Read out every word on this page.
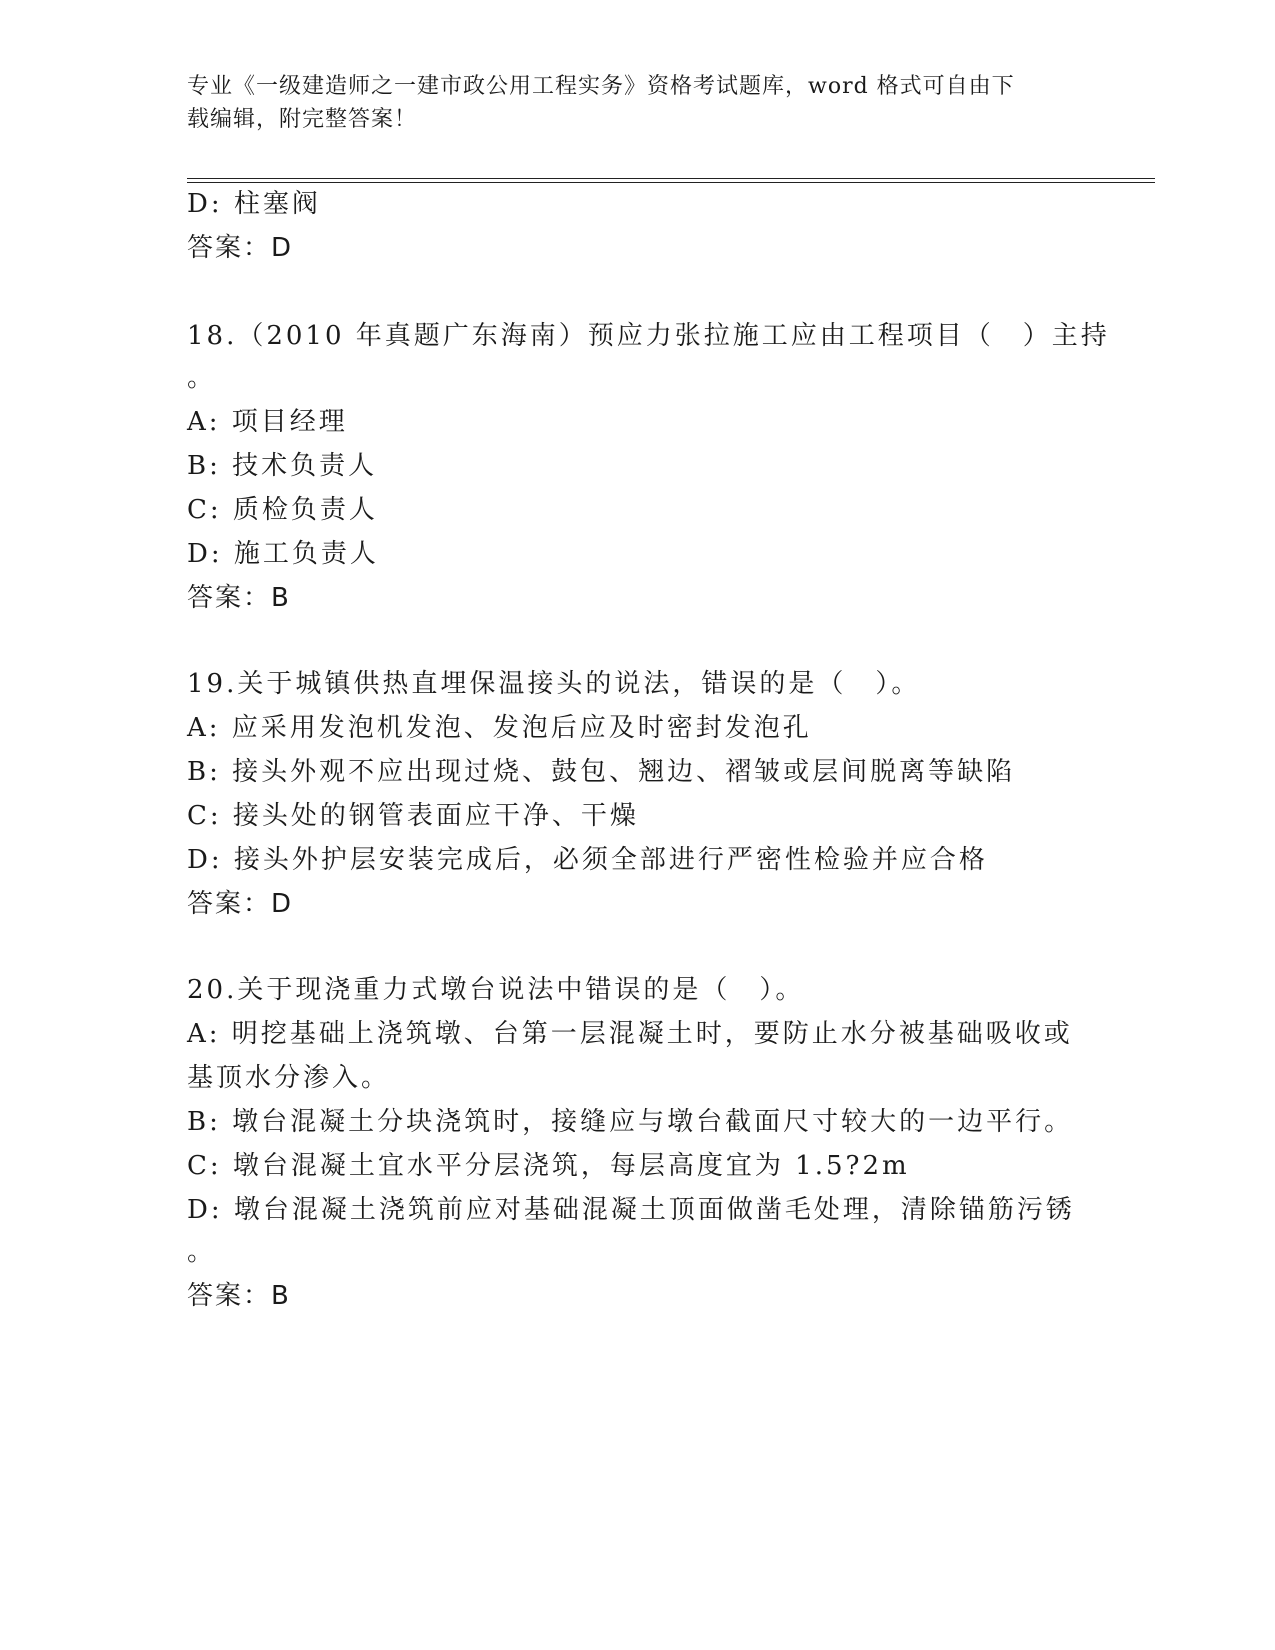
专业《一级建造师之一建市政公用工程实务》资格考试题库，word 格式可自由下
载编辑，附完整答案！
D: 柱塞阀
答案：D
18.（2010 年真题广东海南）预应力张拉施工应由工程项目（　）主持
。
A: 项目经理
B: 技术负责人
C: 质检负责人
D: 施工负责人
答案：B
19.关于城镇供热直埋保温接头的说法，错误的是（　）。
A: 应采用发泡机发泡、发泡后应及时密封发泡孔
B: 接头外观不应出现过烧、鼓包、翘边、褶皱或层间脱离等缺陷
C: 接头处的钢管表面应干净、干燥
D: 接头外护层安装完成后，必须全部进行严密性检验并应合格
答案：D
20.关于现浇重力式墩台说法中错误的是（　）。
A: 明挖基础上浇筑墩、台第一层混凝土时，要防止水分被基础吸收或
基顶水分渗入。
B: 墩台混凝土分块浇筑时，接缝应与墩台截面尺寸较大的一边平行。
C: 墩台混凝土宜水平分层浇筑，每层高度宜为 1.5?2m
D: 墩台混凝土浇筑前应对基础混凝土顶面做凿毛处理，清除锚筋污锈
。
答案：B
